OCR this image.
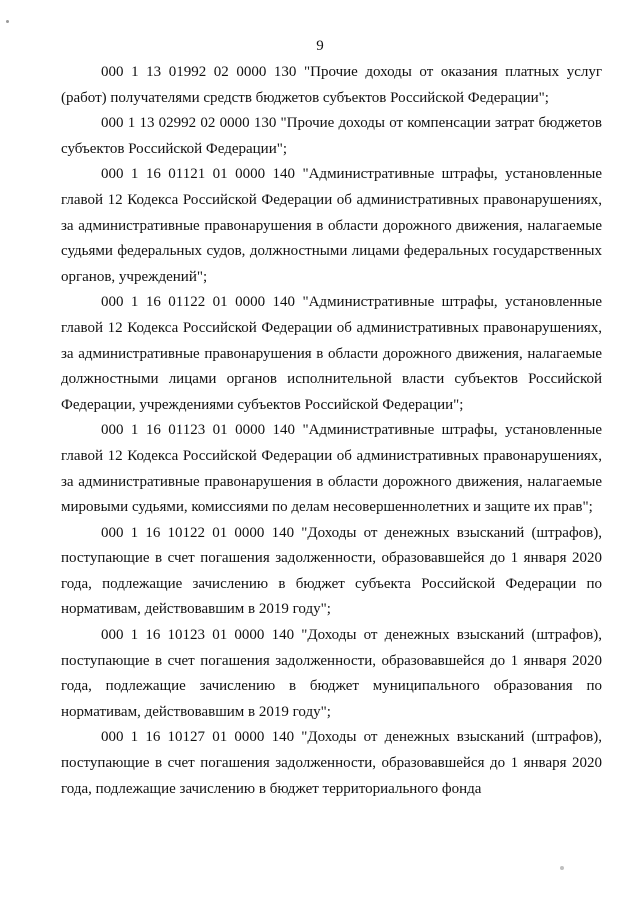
9

000 1 13 01992 02 0000 130 "Прочие доходы от оказания платных услуг (работ) получателями средств бюджетов субъектов Российской Федерации";

000 1 13 02992 02 0000 130 "Прочие доходы от компенсации затрат бюджетов субъектов Российской Федерации";

000 1 16 01121 01 0000 140 "Административные штрафы, установленные главой 12 Кодекса Российской Федерации об административных правонарушениях, за административные правонарушения в области дорожного движения, налагаемые судьями федеральных судов, должностными лицами федеральных государственных органов, учреждений";

000 1 16 01122 01 0000 140 "Административные штрафы, установленные главой 12 Кодекса Российской Федерации об административных правонарушениях, за административные правонарушения в области дорожного движения, налагаемые должностными лицами органов исполнительной власти субъектов Российской Федерации, учреждениями субъектов Российской Федерации";

000 1 16 01123 01 0000 140 "Административные штрафы, установленные главой 12 Кодекса Российской Федерации об административных правонарушениях, за административные правонарушения в области дорожного движения, налагаемые мировыми судьями, комиссиями по делам несовершеннолетних и защите их прав";

000 1 16 10122 01 0000 140 "Доходы от денежных взысканий (штрафов), поступающие в счет погашения задолженности, образовавшейся до 1 января 2020 года, подлежащие зачислению в бюджет субъекта Российской Федерации по нормативам, действовавшим в 2019 году";

000 1 16 10123 01 0000 140 "Доходы от денежных взысканий (штрафов), поступающие в счет погашения задолженности, образовавшейся до 1 января 2020 года, подлежащие зачислению в бюджет муниципального образования по нормативам, действовавшим в 2019 году";

000 1 16 10127 01 0000 140 "Доходы от денежных взысканий (штрафов), поступающие в счет погашения задолженности, образовавшейся до 1 января 2020 года, подлежащие зачислению в бюджет территориального фонда
